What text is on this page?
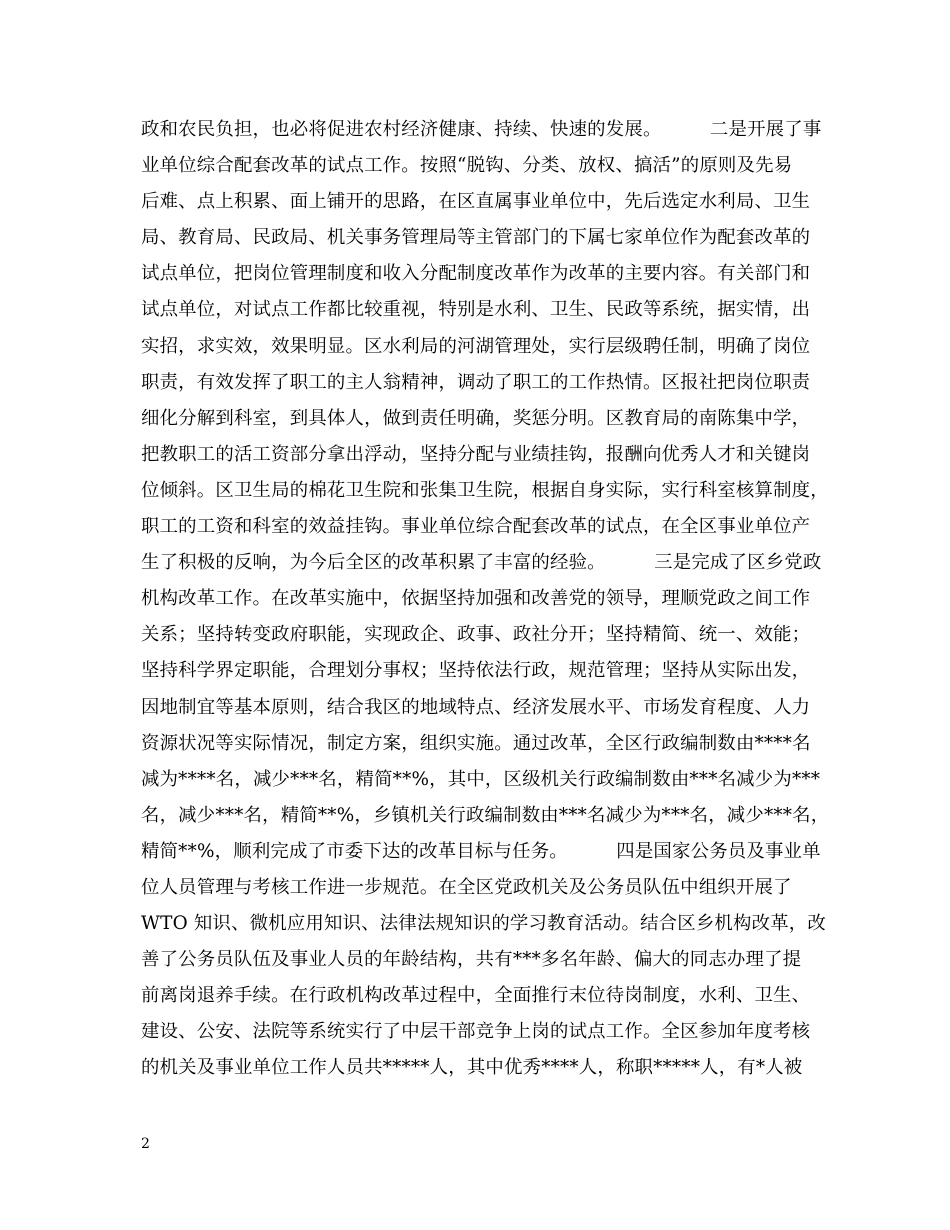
政和农民负担，也必将促进农村经济健康、持续、快速的发展。        二是开展了事
业单位综合配套改革的试点工作。按照“脱钩、分类、放权、搞活”的原则及先易
后难、点上积累、面上铺开的思路，在区直属事业单位中，先后选定水利局、卫生
局、教育局、民政局、机关事务管理局等主管部门的下属七家单位作为配套改革的
试点单位，把岗位管理制度和收入分配制度改革作为改革的主要内容。有关部门和
试点单位，对试点工作都比较重视，特别是水利、卫生、民政等系统，据实情，出
实招，求实效，效果明显。区水利局的河湖管理处，实行层级聘任制，明确了岗位
职责，有效发挥了职工的主人翁精神，调动了职工的工作热情。区报社把岗位职责
细化分解到科室，到具体人，做到责任明确，奖惩分明。区教育局的南陈集中学，
把教职工的活工资部分拿出浮动，坚持分配与业绩挂钩，报酬向优秀人才和关键岗
位倾斜。区卫生局的棉花卫生院和张集卫生院，根据自身实际，实行科室核算制度，
职工的工资和科室的效益挂钩。事业单位综合配套改革的试点，在全区事业单位产
生了积极的反响，为今后全区的改革积累了丰富的经验。        三是完成了区乡党政
机构改革工作。在改革实施中，依据坚持加强和改善党的领导，理顺党政之间工作
关系；坚持转变政府职能，实现政企、政事、政社分开；坚持精简、统一、效能；
坚持科学界定职能，合理划分事权；坚持依法行政，规范管理；坚持从实际出发，
因地制宜等基本原则，结合我区的地域特点、经济发展水平、市场发育程度、人力
资源状况等实际情况，制定方案，组织实施。通过改革，全区行政编制数由****名
减为****名，减少***名，精简**%，其中，区级机关行政编制数由***名减少为***
名，减少***名，精简**%，乡镇机关行政编制数由***名减少为***名，减少***名，
精简**%，顺利完成了市委下达的改革目标与任务。        四是国家公务员及事业单
位人员管理与考核工作进一步规范。在全区党政机关及公务员队伍中组织开展了
WTO 知识、微机应用知识、法律法规知识的学习教育活动。结合区乡机构改革，改
善了公务员队伍及事业人员的年龄结构，共有***多名年龄、偏大的同志办理了提
前离岗退养手续。在行政机构改革过程中，全面推行末位待岗制度，水利、卫生、
建设、公安、法院等系统实行了中层干部竞争上岗的试点工作。全区参加年度考核
的机关及事业单位工作人员共*****人，其中优秀****人，称职*****人，有*人被
2
